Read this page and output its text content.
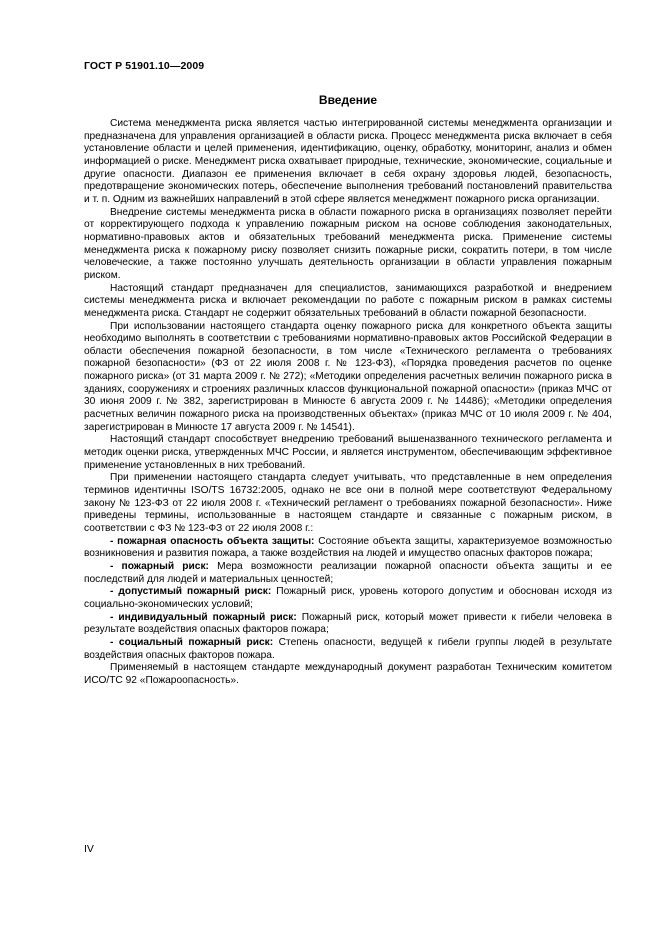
ГОСТ Р 51901.10—2009
Введение

Система менеджмента риска является частью интегрированной системы менеджмента организации и предназначена для управления организацией в области риска. Процесс менеджмента риска включает в себя установление области и целей применения, идентификацию, оценку, обработку, мониторинг, анализ и обмен информацией о риске. Менеджмент риска охватывает природные, технические, экономические, социальные и другие опасности. Диапазон ее применения включает в себя охрану здоровья людей, безопасность, предотвращение экономических потерь, обеспечение выполнения требований постановлений правительства и т. п. Одним из важнейших направлений в этой сфере является менеджмент пожарного риска организации.

Внедрение системы менеджмента риска в области пожарного риска в организациях позволяет перейти от корректирующего подхода к управлению пожарным риском на основе соблюдения законодательных, нормативно-правовых актов и обязательных требований менеджмента риска. Применение системы менеджмента риска к пожарному риску позволяет снизить пожарные риски, сократить потери, в том числе человеческие, а также постоянно улучшать деятельность организации в области управления пожарным риском.

Настоящий стандарт предназначен для специалистов, занимающихся разработкой и внедрением системы менеджмента риска и включает рекомендации по работе с пожарным риском в рамках системы менеджмента риска. Стандарт не содержит обязательных требований в области пожарной безопасности.

При использовании настоящего стандарта оценку пожарного риска для конкретного объекта защиты необходимо выполнять в соответствии с требованиями нормативно-правовых актов Российской Федерации в области обеспечения пожарной безопасности, в том числе «Технического регламента о требованиях пожарной безопасности» (ФЗ от 22 июля 2008 г. № 123-ФЗ), «Порядка проведения расчетов по оценке пожарного риска» (от 31 марта 2009 г. № 272); «Методики определения расчетных величин пожарного риска в зданиях, сооружениях и строениях различных классов функциональной пожарной опасности» (приказ МЧС от 30 июня 2009 г. № 382, зарегистрирован в Минюсте 6 августа 2009 г. № 14486); «Методики определения расчетных величин пожарного риска на производственных объектах» (приказ МЧС от 10 июля 2009 г. № 404, зарегистрирован в Минюсте 17 августа 2009 г. № 14541).

Настоящий стандарт способствует внедрению требований вышеназванного технического регламента и методик оценки риска, утвержденных МЧС России, и является инструментом, обеспечивающим эффективное применение установленных в них требований.

При применении настоящего стандарта следует учитывать, что представленные в нем определения терминов идентичны ISO/TS 16732:2005, однако не все они в полной мере соответствуют Федеральному закону № 123-ФЗ от 22 июля 2008 г. «Технический регламент о требованиях пожарной безопасности». Ниже приведены термины, использованные в настоящем стандарте и связанные с пожарным риском, в соответствии с ФЗ № 123-ФЗ от 22 июля 2008 г.:

- пожарная опасность объекта защиты: Состояние объекта защиты, характеризуемое возможностью возникновения и развития пожара, а также воздействия на людей и имущество опасных факторов пожара;

- пожарный риск: Мера возможности реализации пожарной опасности объекта защиты и ее последствий для людей и материальных ценностей;

- допустимый пожарный риск: Пожарный риск, уровень которого допустим и обоснован исходя из социально-экономических условий;

- индивидуальный пожарный риск: Пожарный риск, который может привести к гибели человека в результате воздействия опасных факторов пожара;

- социальный пожарный риск: Степень опасности, ведущей к гибели группы людей в результате воздействия опасных факторов пожара.

Применяемый в настоящем стандарте международный документ разработан Техническим комитетом ИСО/ТС 92 «Пожароопасность».

IV
